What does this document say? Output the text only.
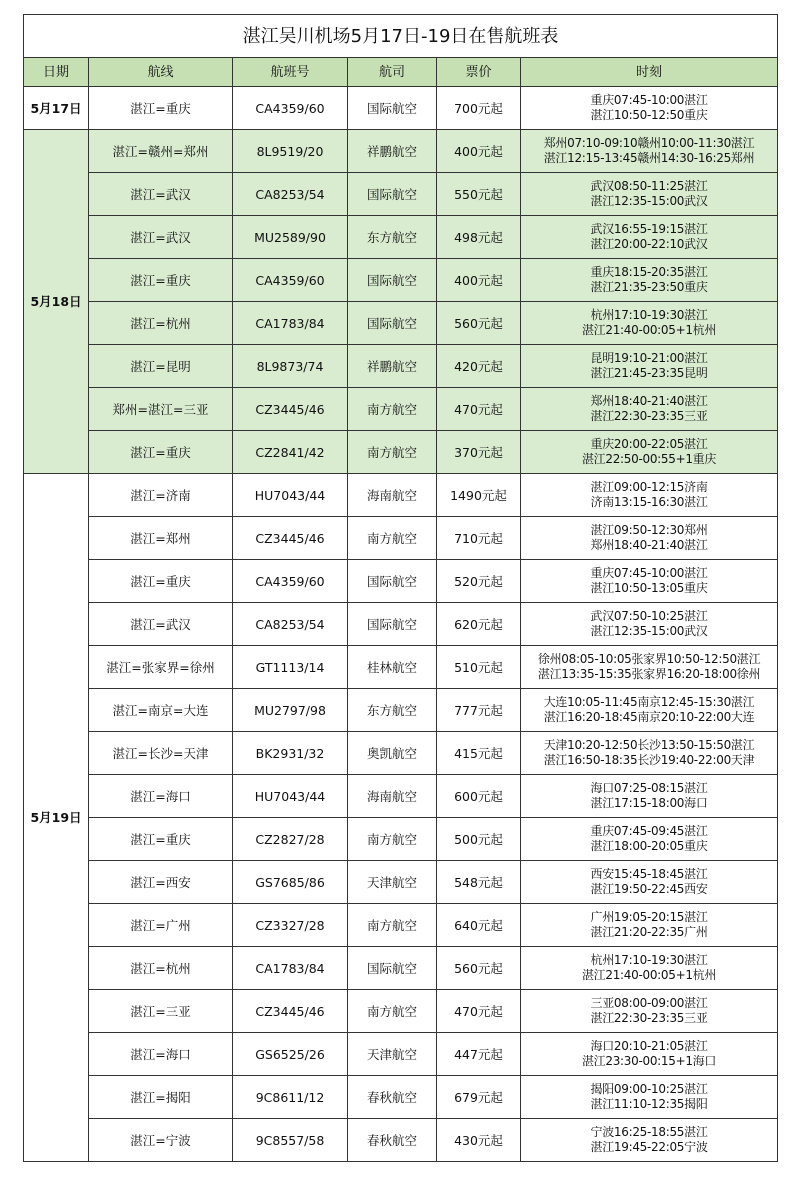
湛江吴川机场5月17日-19日在售航班表					
日期	航线	航班号	航司	票价	时刻
5月17日	湛江=重庆	CA4359/60	国际航空	700元起	重庆07:45-10:00湛江
湛江10:50-12:50重庆

5月18日	湛江=赣州=郑州	8L9519/20	祥鹏航空	400元起	郑州07:10-09:10赣州10:00-11:30湛江
湛江12:15-13:45赣州14:30-16:25郑州

	湛江=武汉	CA8253/54	国际航空	550元起	武汉08:50-11:25湛江
湛江12:35-15:00武汉

	湛江=武汉	MU2589/90	东方航空	498元起	武汉16:55-19:15湛江
湛江20:00-22:10武汉

	湛江=重庆	CA4359/60	国际航空	400元起	重庆18:15-20:35湛江
湛江21:35-23:50重庆

	湛江=杭州	CA1783/84	国际航空	560元起	杭州17:10-19:30湛江
湛江21:40-00:05+1杭州

	湛江=昆明	8L9873/74	祥鹏航空	420元起	昆明19:10-21:00湛江
湛江21:45-23:35昆明

	郑州=湛江=三亚	CZ3445/46	南方航空	470元起	郑州18:40-21:40湛江
湛江22:30-23:35三亚

	湛江=重庆	CZ2841/42	南方航空	370元起	重庆20:00-22:05湛江
湛江22:50-00:55+1重庆

5月19日	湛江=济南	HU7043/44	海南航空	1490元起	湛江09:00-12:15济南
济南13:15-16:30湛江

	湛江=郑州	CZ3445/46	南方航空	710元起	湛江09:50-12:30郑州
郑州18:40-21:40湛江

	湛江=重庆	CA4359/60	国际航空	520元起	重庆07:45-10:00湛江
湛江10:50-13:05重庆

	湛江=武汉	CA8253/54	国际航空	620元起	武汉07:50-10:25湛江
湛江12:35-15:00武汉

	湛江=张家界=徐州	GT1113/14	桂林航空	510元起	徐州08:05-10:05张家界10:50-12:50湛江
湛江13:35-15:35张家界16:20-18:00徐州

	湛江=南京=大连	MU2797/98	东方航空	777元起	大连10:05-11:45南京12:45-15:30湛江
湛江16:20-18:45南京20:10-22:00大连

	湛江=长沙=天津	BK2931/32	奥凯航空	415元起	天津10:20-12:50长沙13:50-15:50湛江
湛江16:50-18:35长沙19:40-22:00天津

	湛江=海口	HU7043/44	海南航空	600元起	海口07:25-08:15湛江
湛江17:15-18:00海口

	湛江=重庆	CZ2827/28	南方航空	500元起	重庆07:45-09:45湛江
湛江18:00-20:05重庆

	湛江=西安	GS7685/86	天津航空	548元起	西安15:45-18:45湛江
湛江19:50-22:45西安

	湛江=广州	CZ3327/28	南方航空	640元起	广州19:05-20:15湛江
湛江21:20-22:35广州

	湛江=杭州	CA1783/84	国际航空	560元起	杭州17:10-19:30湛江
湛江21:40-00:05+1杭州

	湛江=三亚	CZ3445/46	南方航空	470元起	三亚08:00-09:00湛江
湛江22:30-23:35三亚

	湛江=海口	GS6525/26	天津航空	447元起	海口20:10-21:05湛江
湛江23:30-00:15+1海口

	湛江=揭阳	9C8611/12	春秋航空	679元起	揭阳09:00-10:25湛江
湛江11:10-12:35揭阳

	湛江=宁波	9C8557/58	春秋航空	430元起	宁波16:25-18:55湛江
湛江19:45-22:05宁波
